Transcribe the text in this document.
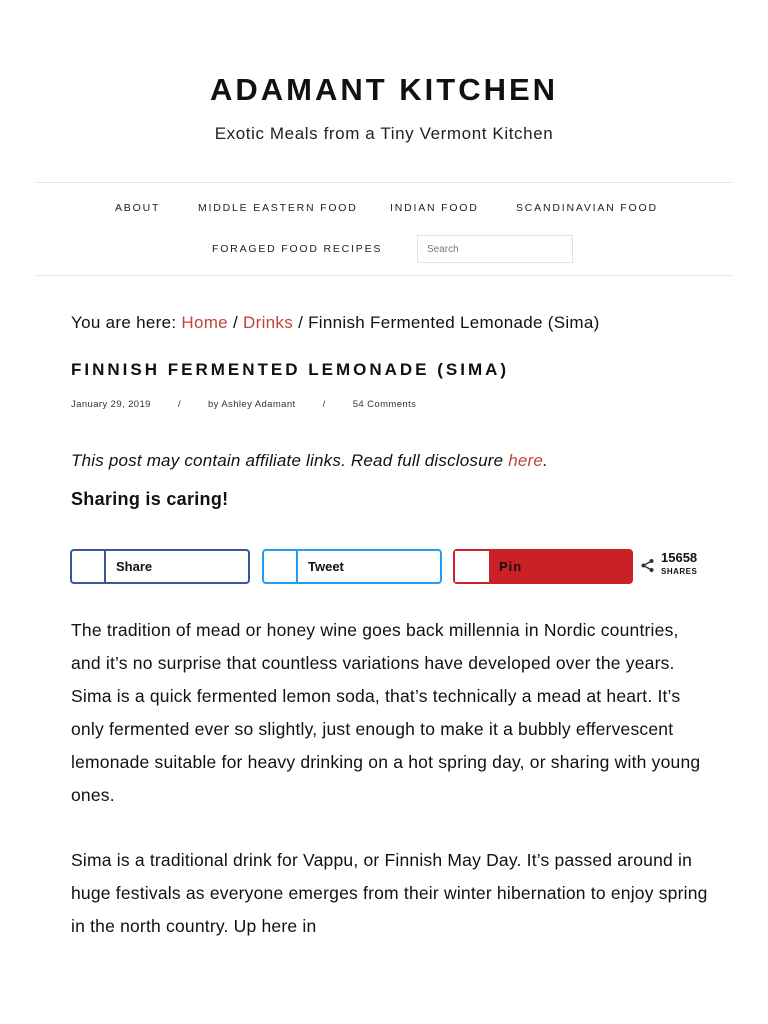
ADAMANT KITCHEN
Exotic Meals from a Tiny Vermont Kitchen
ABOUT	MIDDLE EASTERN FOOD	INDIAN FOOD	SCANDINAVIAN FOOD
FORAGED FOOD RECIPES
Search
You are here: Home / Drinks / Finnish Fermented Lemonade (Sima)
FINNISH FERMENTED LEMONADE (SIMA)
January 29, 2019	/	by Ashley Adamant	/	54 Comments
This post may contain affiliate links. Read full disclosure here.
Sharing is caring!
Share	Tweet	Pin
15658
SHARES

The tradition of mead or honey wine goes back millennia in Nordic countries, and it’s no surprise that countless variations have developed over the years. Sima is a quick fermented lemon soda, that’s technically a mead at heart. It’s only fermented ever so slightly, just enough to make it a bubbly effervescent lemonade suitable for heavy drinking on a hot spring day, or sharing with young ones.

Sima is a traditional drink for Vappu, or Finnish May Day. It’s passed around in huge festivals as everyone emerges from their winter hibernation to enjoy spring in the north country. Up here in
